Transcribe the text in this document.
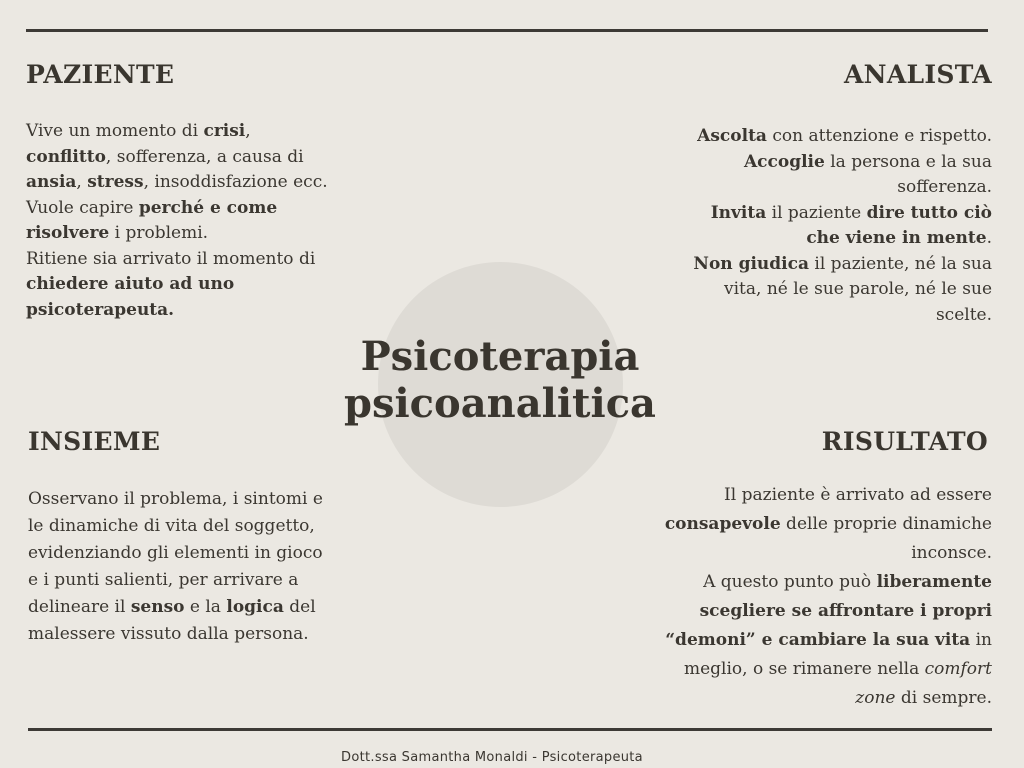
PAZIENTE

Vive un momento di crisi, conflitto, sofferenza, a causa di ansia, stress, insoddisfazione ecc.
Vuole capire perché e come risolvere i problemi.
Ritiene sia arrivato il momento di chiedere aiuto ad uno psicoterapeuta.

ANALISTA

Ascolta con attenzione e rispetto.
Accoglie la persona e la sua sofferenza.
Invita il paziente dire tutto ciò che viene in mente.
Non giudica il paziente, né la sua vita, né le sue parole, né le sue scelte.

Psicoterapia psicoanalitica
INSIEME

Osservano il problema, i sintomi e le dinamiche di vita del soggetto, evidenziando gli elementi in gioco e i punti salienti, per arrivare a delineare il senso e la logica del malessere vissuto dalla persona.

RISULTATO

Il paziente è arrivato ad essere consapevole delle proprie dinamiche inconsce.
A questo punto può liberamente scegliere se affrontare i propri “demoni” e cambiare la sua vita in meglio, o se rimanere nella comfort zone di sempre.

Dott.ssa Samantha Monaldi - Psicoterapeuta
